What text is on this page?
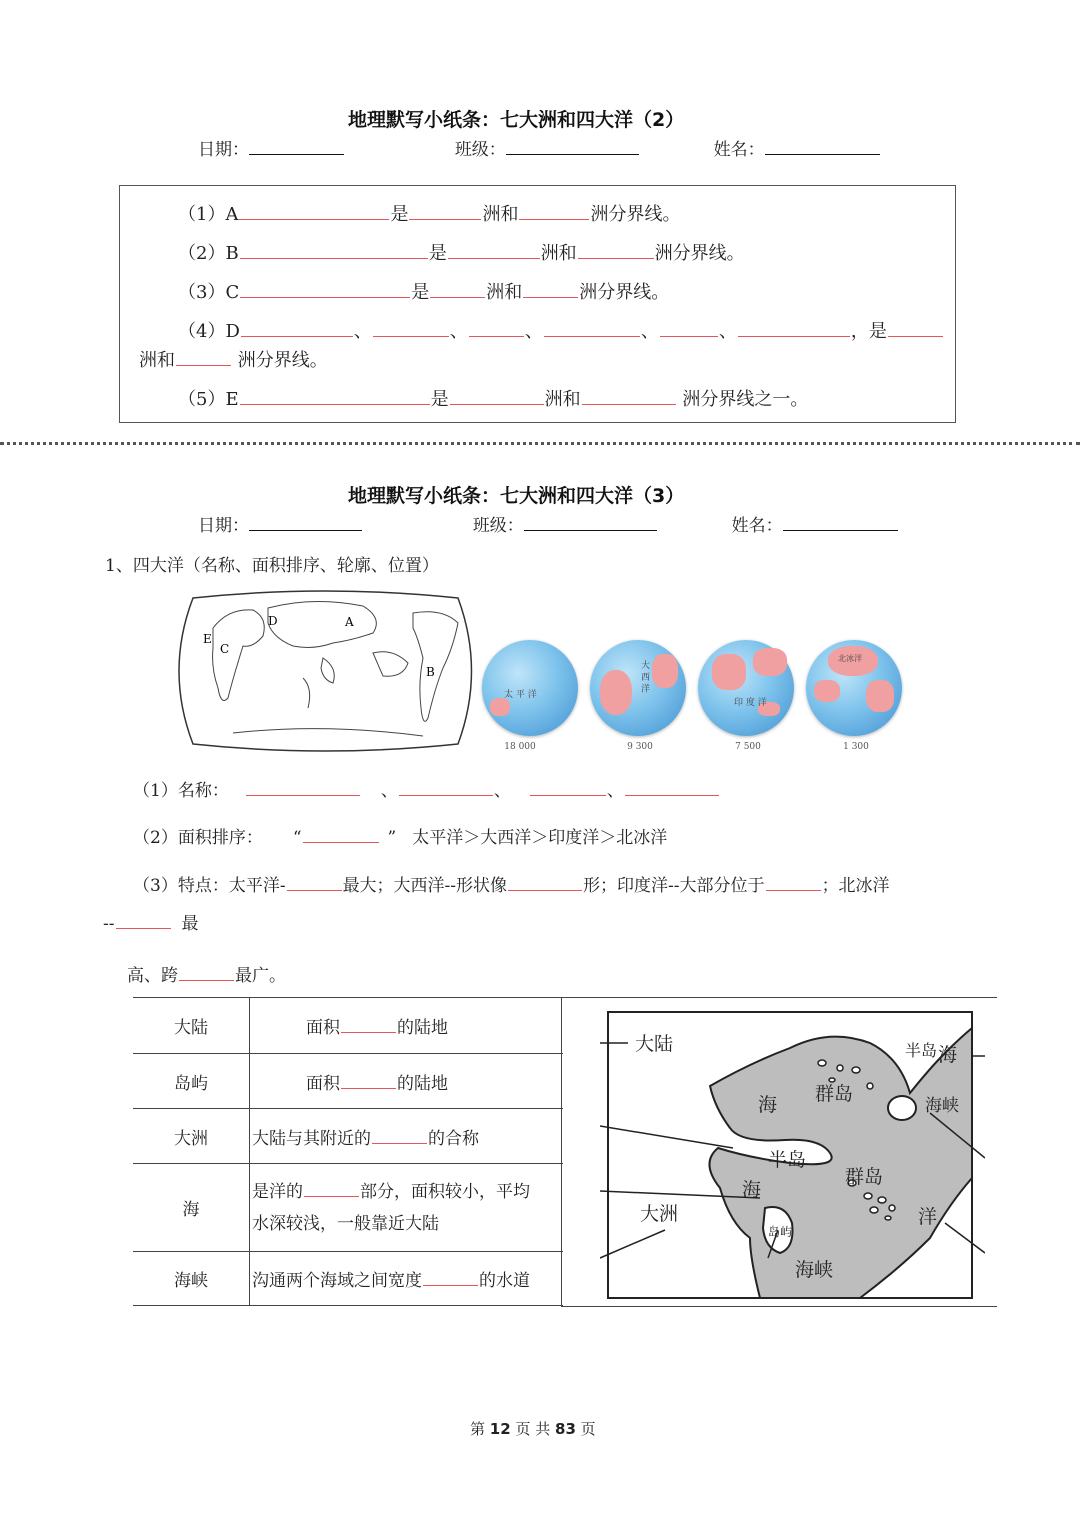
地理默写小纸条：七大洲和四大洋（2）
日期：	班级：	姓名：
（1）A	是	洲和	洲分界线。
（2）B	是	洲和	洲分界线。
（3）C	是	洲和	洲分界线。
（4）D	、	、	、	、	、	，是
洲和	洲分界线。
（5）E	是	洲和	洲分界线之一。
地理默写小纸条：七大洲和四大洋（3）
日期：	班级：	姓名：
1、四大洋（名称、面积排序、轮廓、位置）
D	A
E
C
B
太 平 洋
大 西 洋
印 度 洋
北冰洋
18 000	9 300	7 500	1 300
（1）名称：	、	、	、
（2）面积排序： “	” 太平洋＞大西洋＞印度洋＞北冰洋
（3）特点：太平洋-	最大；大西洋--形状像	形；印度洋--大部分位于	；北冰洋
--	最
高、跨	最广。
大陆	面积 的陆地
岛屿	面积 的陆地
大洲	大陆与其附近的 的合称
海	是洋的 部分，面积较小，平均
水深较浅，一般靠近大陆
海峡	沟通两个海域之间宽度 的水道
大陆	半岛 海
群岛
海	海峡
半岛
群岛
海
大洲
岛屿
洋
海峡
第 12 页 共 83 页
